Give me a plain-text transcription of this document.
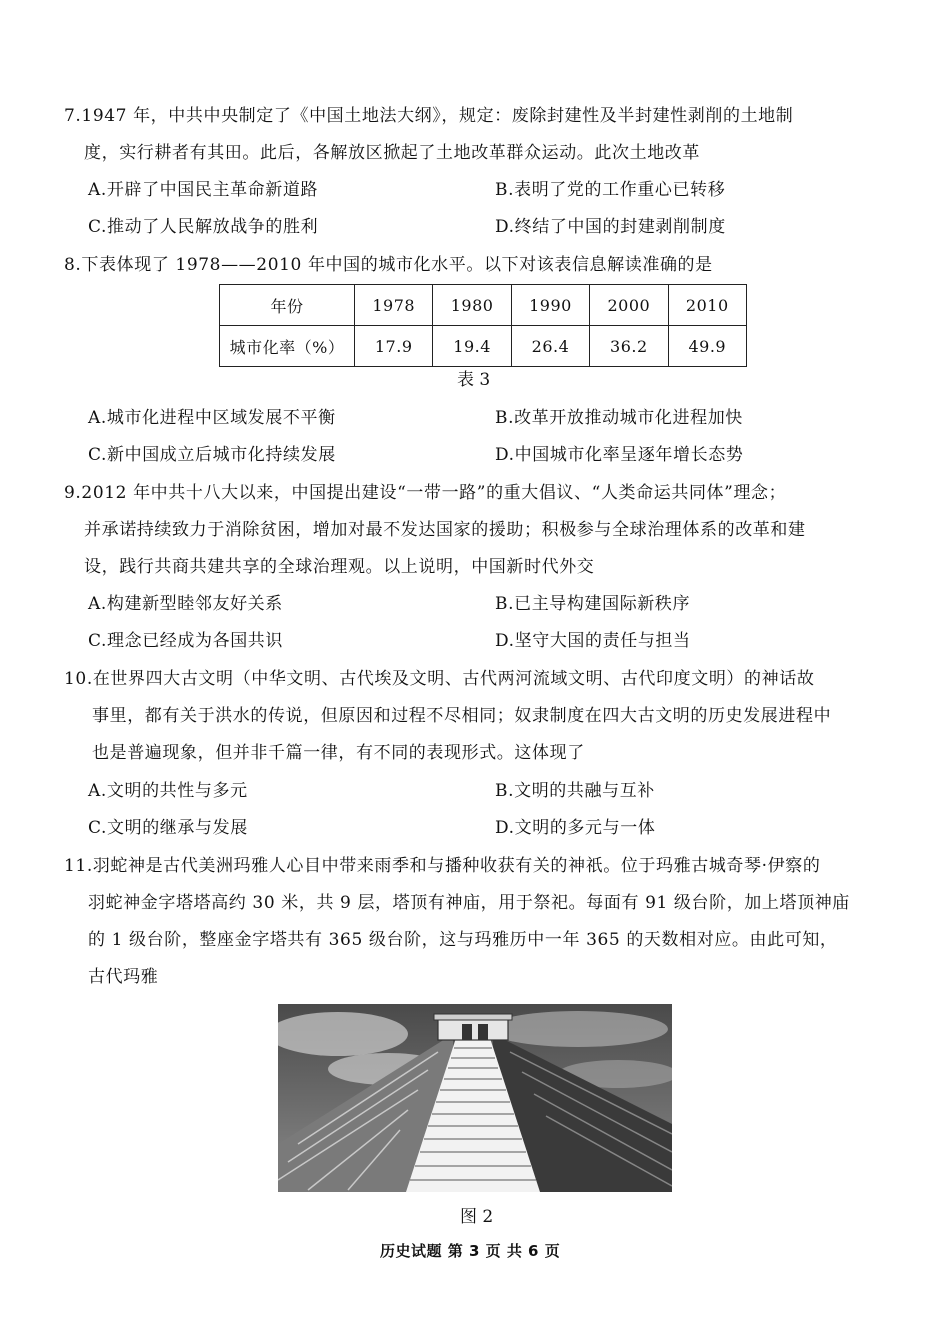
7.1947 年，中共中央制定了《中国土地法大纲》，规定：废除封建性及半封建性剥削的土地制
度，实行耕者有其田。此后，各解放区掀起了土地改革群众运动。此次土地改革
A.开辟了中国民主革命新道路	B.表明了党的工作重心已转移
C.推动了人民解放战争的胜利	D.终结了中国的封建剥削制度
8.下表体现了 1978——2010 年中国的城市化水平。以下对该表信息解读准确的是
年份	1978	1980	1990	2000	2010
城市化率（%）	17.9	19.4	26.4	36.2	49.9
表 3
A.城市化进程中区域发展不平衡	B.改革开放推动城市化进程加快
C.新中国成立后城市化持续发展	D.中国城市化率呈逐年增长态势
9.2012 年中共十八大以来，中国提出建设“一带一路”的重大倡议、“人类命运共同体”理念；
并承诺持续致力于消除贫困，增加对最不发达国家的援助；积极参与全球治理体系的改革和建
设，践行共商共建共享的全球治理观。以上说明，中国新时代外交
A.构建新型睦邻友好关系	B.已主导构建国际新秩序
C.理念已经成为各国共识	D.坚守大国的责任与担当
10.在世界四大古文明（中华文明、古代埃及文明、古代两河流域文明、古代印度文明）的神话故
事里，都有关于洪水的传说，但原因和过程不尽相同；奴隶制度在四大古文明的历史发展进程中
也是普遍现象，但并非千篇一律，有不同的表现形式。这体现了
A.文明的共性与多元	B.文明的共融与互补
C.文明的继承与发展	D.文明的多元与一体
11.羽蛇神是古代美洲玛雅人心目中带来雨季和与播种收获有关的神祇。位于玛雅古城奇琴·伊察的
羽蛇神金字塔塔高约 30 米，共 9 层，塔顶有神庙，用于祭祀。每面有 91 级台阶，加上塔顶神庙
的 1 级台阶，整座金字塔共有 365 级台阶，这与玛雅历中一年 365 的天数相对应。由此可知，
古代玛雅
图 2
历史试题 第 3 页 共 6 页
